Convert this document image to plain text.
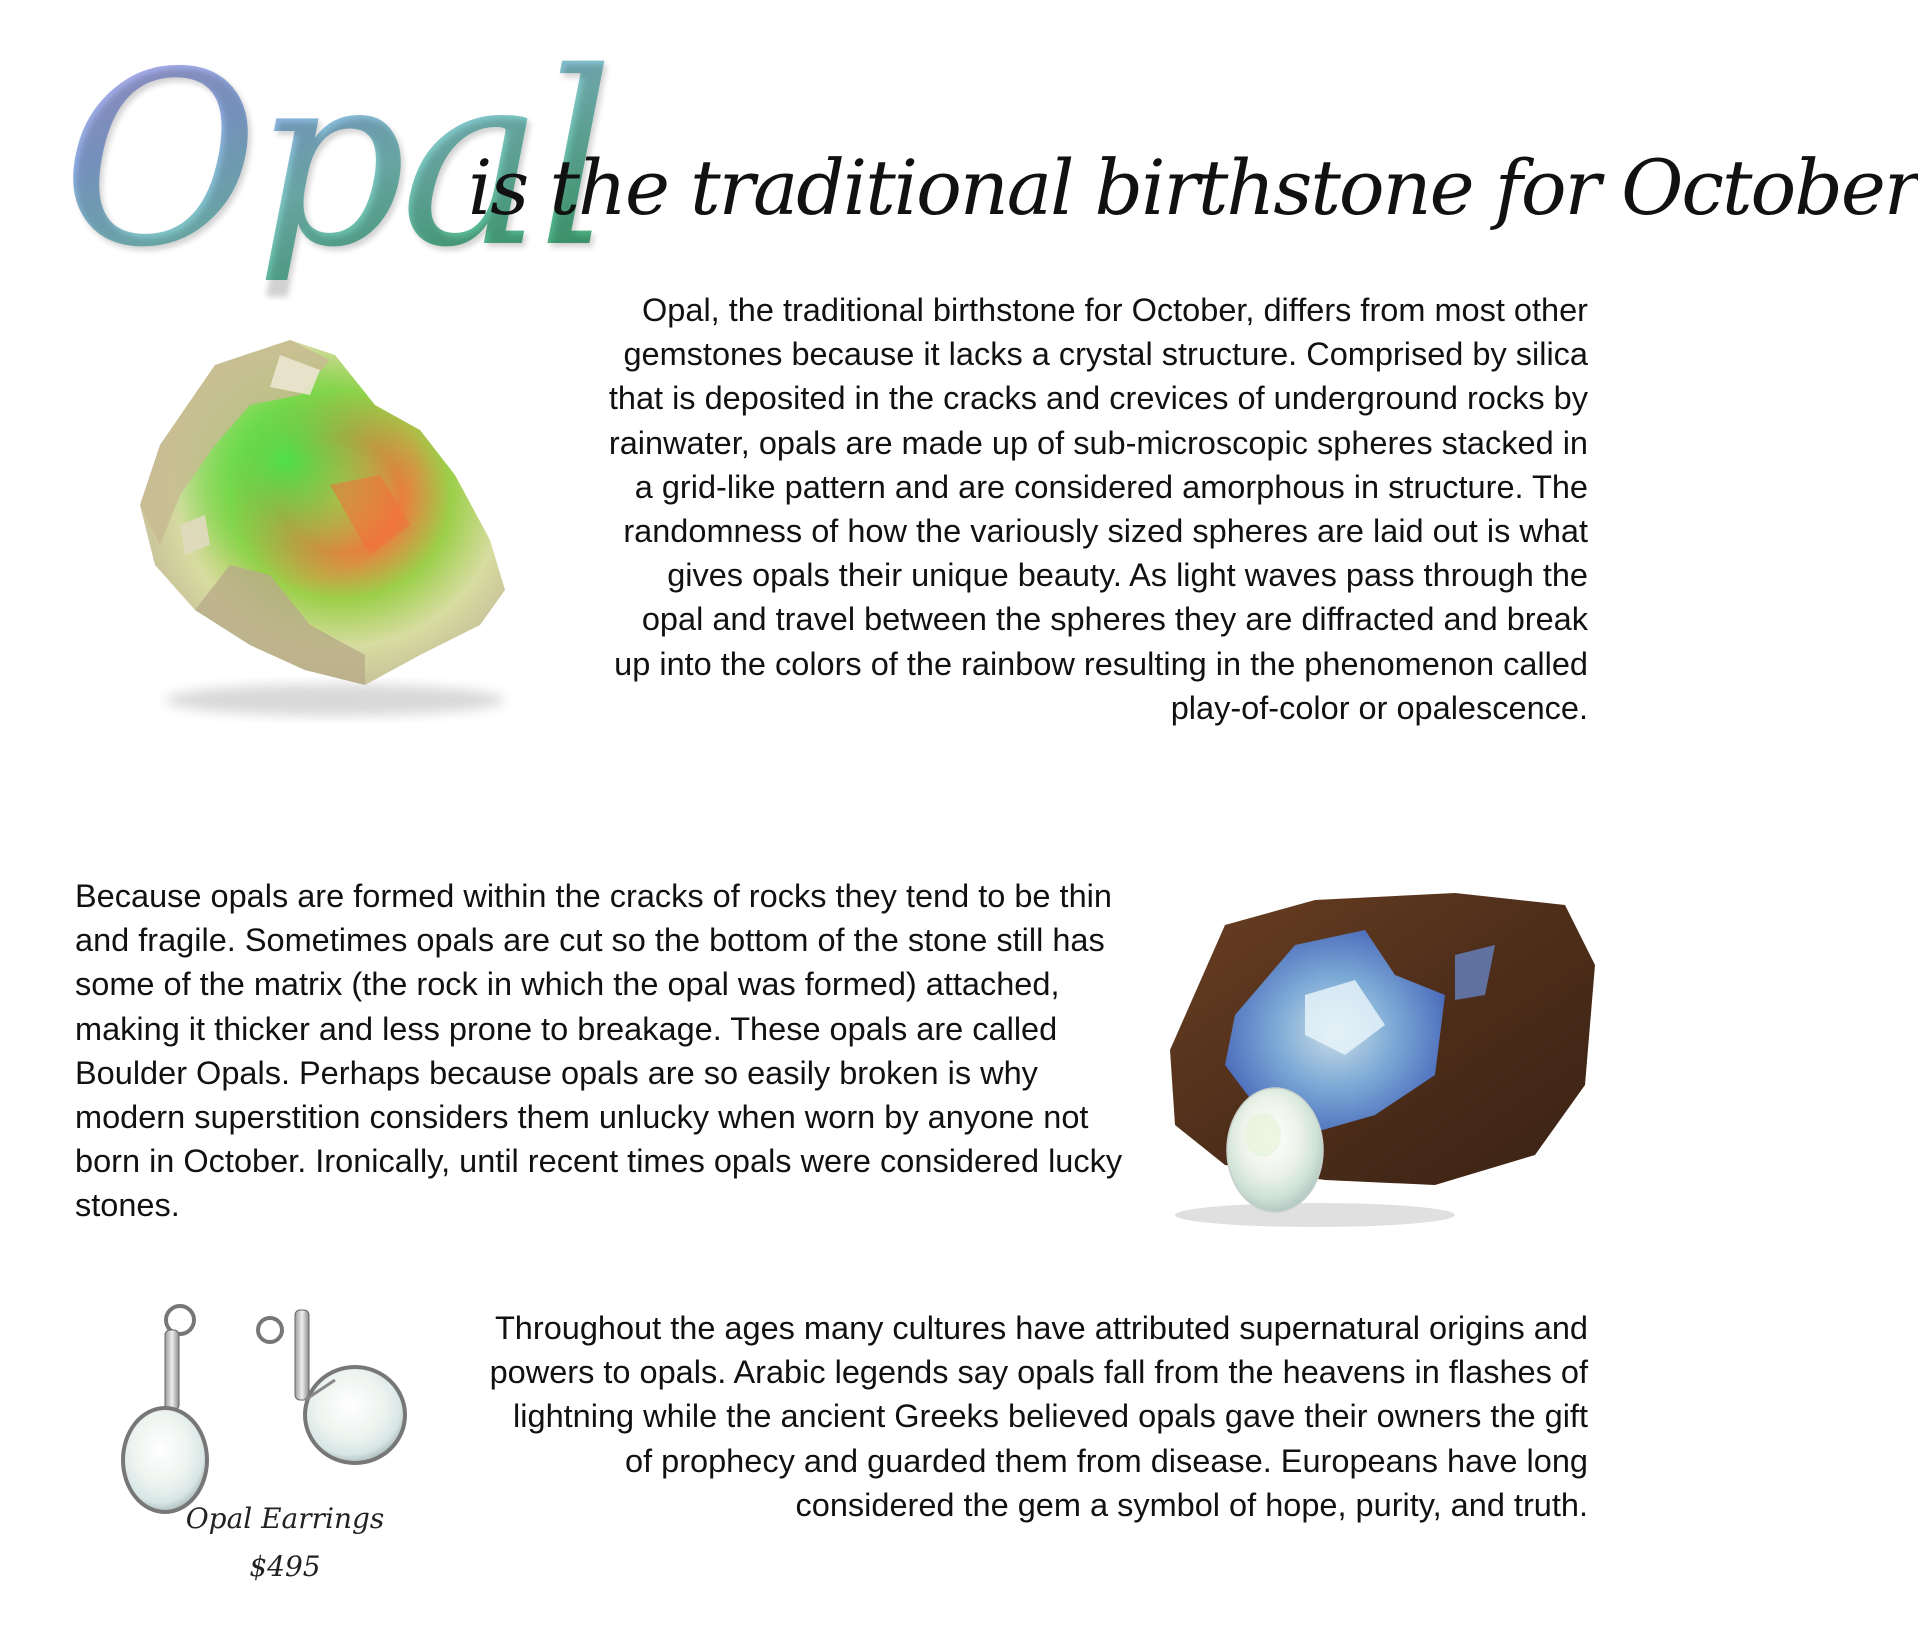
Opal
is the traditional birthstone for October

Opal, the traditional birthstone for October, differs from most other gemstones because it lacks a crystal structure. Comprised by silica that is deposited in the cracks and crevices of underground rocks by rainwater, opals are made up of sub-microscopic spheres stacked in a grid-like pattern and are considered amorphous in structure. The randomness of how the variously sized spheres are laid out is what gives opals their unique beauty. As light waves pass through the opal and travel between the spheres they are diffracted and break up into the colors of the rainbow resulting in the phenomenon called play-of-color or opalescence.

Because opals are formed within the cracks of rocks they tend to be thin and fragile. Sometimes opals are cut so the bottom of the stone still has some of the matrix (the rock in which the opal was formed) attached, making it thicker and less prone to breakage. These opals are called Boulder Opals. Perhaps because opals are so easily broken is why modern superstition considers them unlucky when worn by anyone not born in October. Ironically, until recent times opals were considered lucky stones.

Throughout the ages many cultures have attributed supernatural origins and powers to opals. Arabic legends say opals fall from the heavens in flashes of lightning while the ancient Greeks believed opals gave their owners the gift of prophecy and guarded them from disease. Europeans have long considered the gem a symbol of hope, purity, and truth.

Opal Earrings
$495
